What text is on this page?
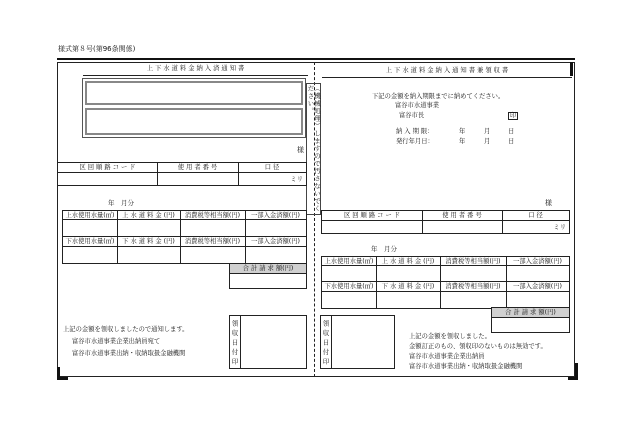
様式第８号(第96条関係)
上 下 水 道 料 金 納 入 済 通 知 書
（機械処理）しますので汚さないでください。
様
区 回 順 路 コ ー ド	使 用 者 番 号	口 径
ミリ
年　月分
上水使用水量(㎥)	上 水 道 料 金 (円)	消費税等相当額(円)	一部入金済額(円)
下水使用水量(㎥)	下 水 道 料 金 (円)	消費税等相当額(円)	一部入金済額(円)
合 計 請 求 額(円)
上記の金額を領収しましたので通知します。
富谷市水道事業企業出納員宛て
富谷市水道事業出納・収納取扱金融機関	領収日付印
上 下 水 道 料 金 納 入 通 知 書 兼 領 収 書
下記の金額を納入期限までに納めてください。
富谷市水道事業
富谷市長	印
納 入 期 限：	年	月	日
発行年月日：	年	月	日
様
区 回 順 路 コ ー ド	使 用 者 番 号	口 径
ミリ
年　月分
上水使用水量(㎥)	上 水 道 料 金 (円)	消費税等相当額(円)	一部入金済額(円)
下水使用水量(㎥)	下 水 道 料 金 (円)	消費税等相当額(円)	一部入金済額(円)
合 計 請 求 額(円)
領収日付印	上記の金額を領収しました。
金額訂正のもの、領収印のないものは無効です。
富谷市水道事業企業出納員
富谷市水道事業出納・収納取扱金融機関
